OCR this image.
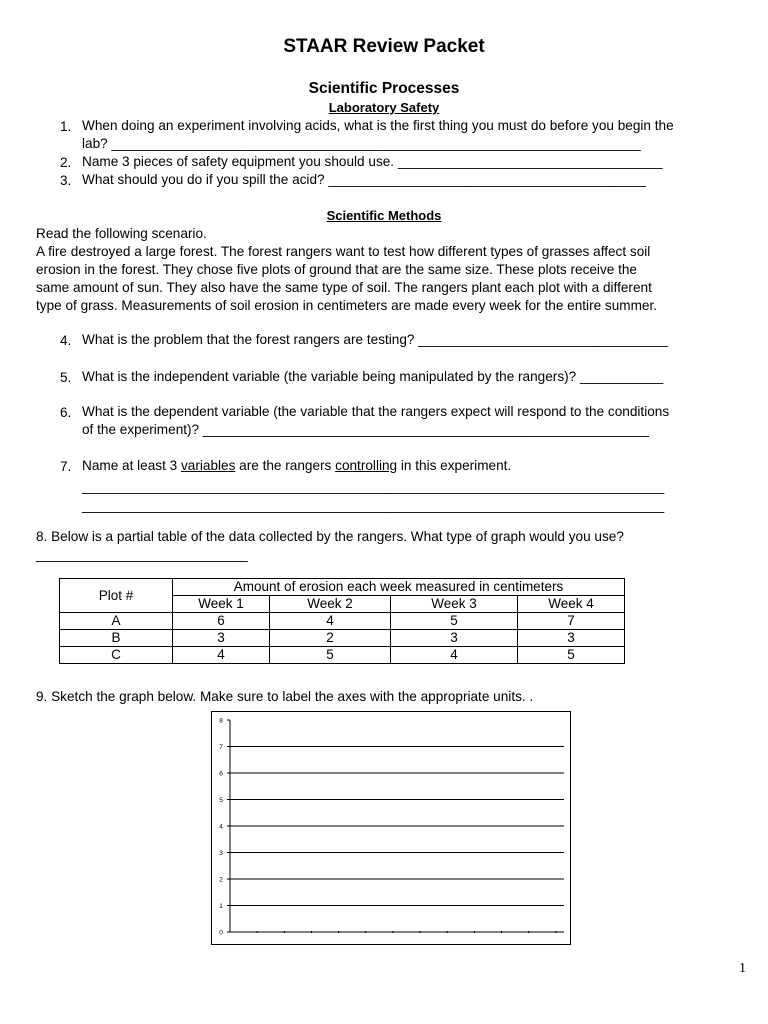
STAAR Review Packet
Scientific Processes
Laboratory Safety
1. When doing an experiment involving acids, what is the first thing you must do before you begin the
lab? ______________________________________________________________________
2. Name 3 pieces of safety equipment you should use. ___________________________________
3. What should you do if you spill the acid? __________________________________________
Scientific Methods
Read the following scenario.
A fire destroyed a large forest. The forest rangers want to test how different types of grasses affect soil
erosion in the forest. They chose five plots of ground that are the same size. These plots receive the
same amount of sun. They also have the same type of soil. The rangers plant each plot with a different
type of grass. Measurements of soil erosion in centimeters are made every week for the entire summer.
4. What is the problem that the forest rangers are testing? _________________________________
5. What is the independent variable (the variable being manipulated by the rangers)? ___________
6. What is the dependent variable (the variable that the rangers expect will respond to the conditions
of the experiment)? ___________________________________________________________
7. Name at least 3 variables are the rangers controlling in this experiment.
_____________________________________________________________________________
_____________________________________________________________________________
8. Below is a partial table of the data collected by the rangers. What type of graph would you use?
____________________________
Plot #	Amount of erosion each week measured in centimeters			
	Week 1	Week 2	Week 3	Week 4
A	6	4	5	7
B	3	2	3	3
C	4	5	4	5
9. Sketch the graph below. Make sure to label the axes with the appropriate units. .
0
1
2
3
4
5
6
7
8
1
